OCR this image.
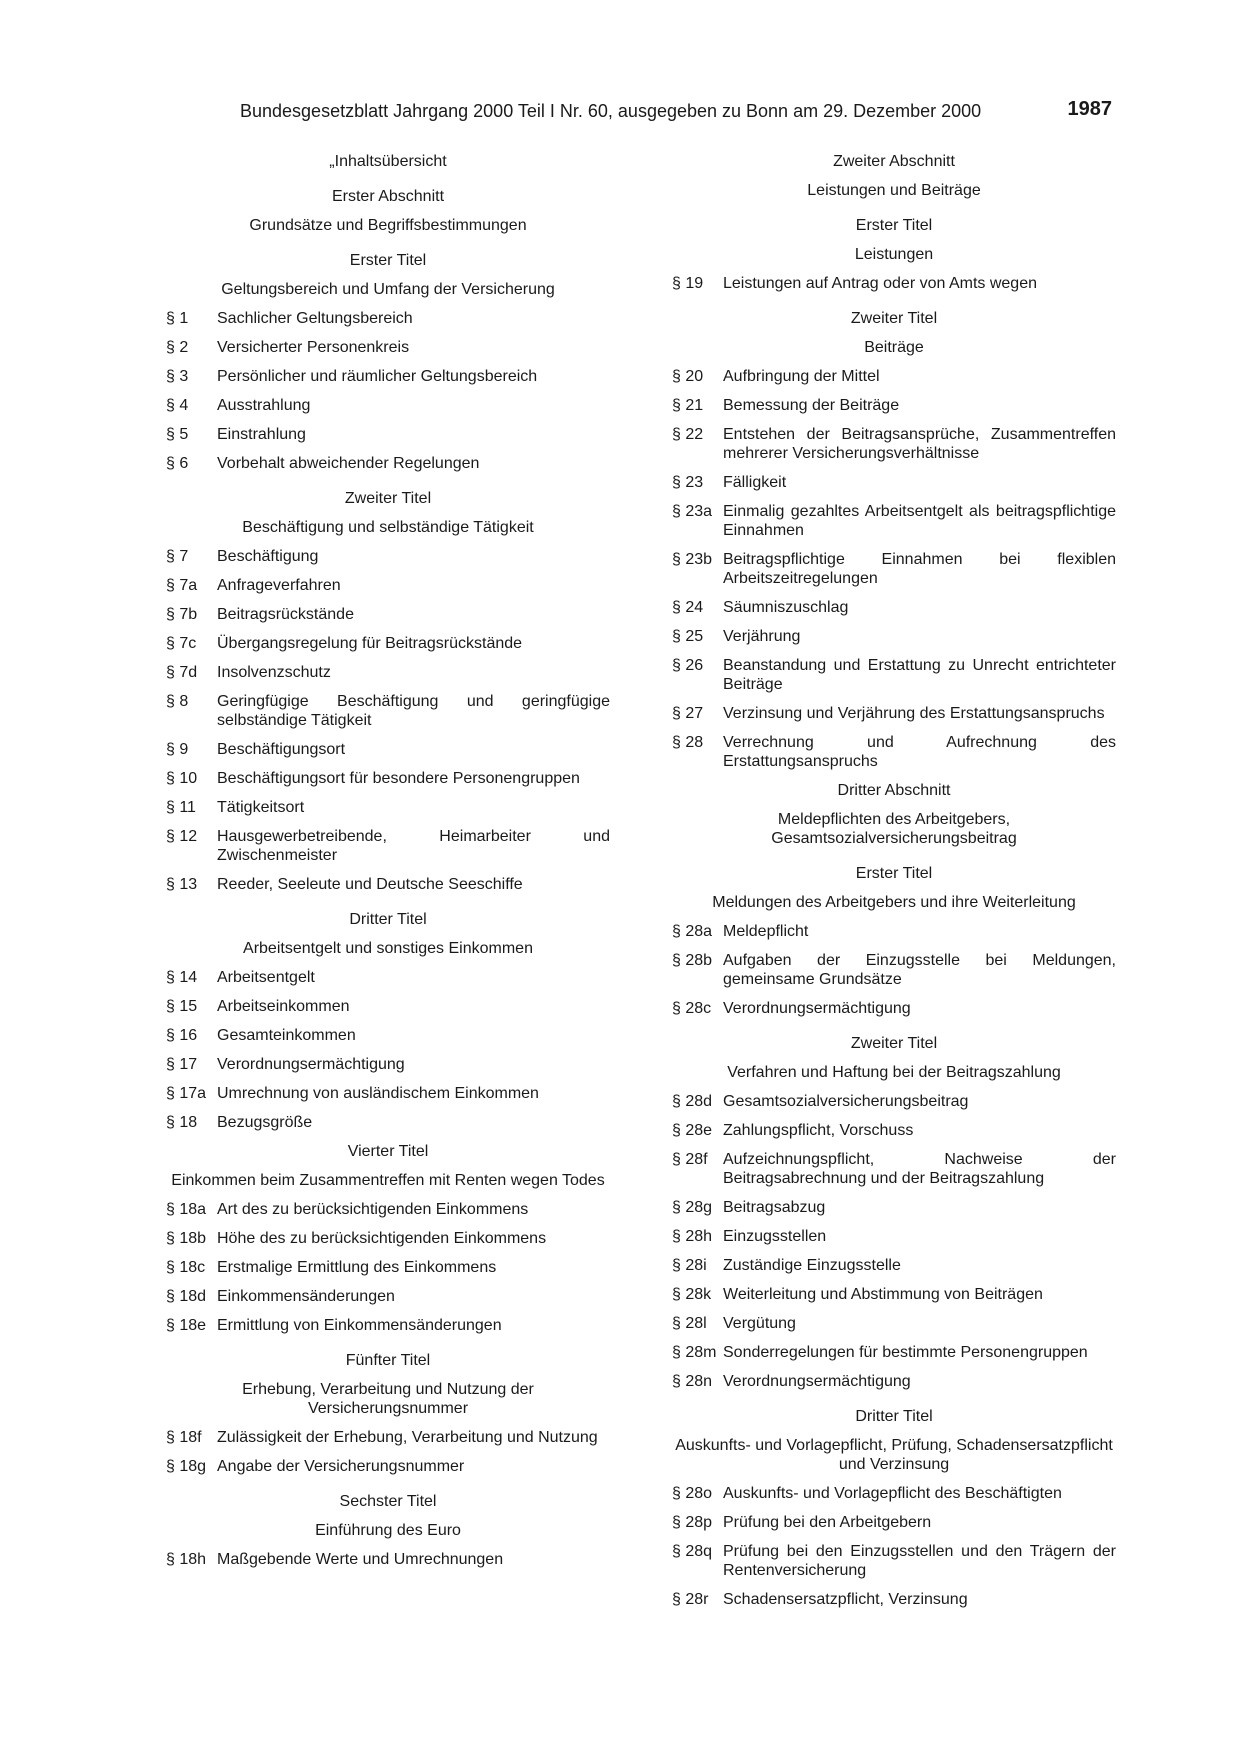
Bundesgesetzblatt Jahrgang 2000 Teil I Nr. 60, ausgegeben zu Bonn am 29. Dezember 2000	1987
„Inhaltsübersicht
Erster Abschnitt
Grundsätze und Begriffsbestimmungen
Erster Titel
Geltungsbereich und Umfang der Versicherung
§ 1	Sachlicher Geltungsbereich
§ 2	Versicherter Personenkreis
§ 3	Persönlicher und räumlicher Geltungsbereich
§ 4	Ausstrahlung
§ 5	Einstrahlung
§ 6	Vorbehalt abweichender Regelungen
Zweiter Titel
Beschäftigung und selbständige Tätigkeit
§ 7	Beschäftigung
§ 7a	Anfrageverfahren
§ 7b	Beitragsrückstände
§ 7c	Übergangsregelung für Beitragsrückstände
§ 7d	Insolvenzschutz
§ 8	Geringfügige Beschäftigung und geringfügige selbständige Tätigkeit
§ 9	Beschäftigungsort
§ 10	Beschäftigungsort für besondere Personengruppen
§ 11	Tätigkeitsort
§ 12	Hausgewerbetreibende, Heimarbeiter und Zwischenmeister
§ 13	Reeder, Seeleute und Deutsche Seeschiffe
Dritter Titel
Arbeitsentgelt und sonstiges Einkommen
§ 14	Arbeitsentgelt
§ 15	Arbeitseinkommen
§ 16	Gesamteinkommen
§ 17	Verordnungsermächtigung
§ 17a Umrechnung von ausländischem Einkommen
§ 18	Bezugsgröße
Vierter Titel
Einkommen beim Zusammentreffen mit Renten wegen Todes
§ 18a Art des zu berücksichtigenden Einkommens
§ 18b Höhe des zu berücksichtigenden Einkommens
§ 18c Erstmalige Ermittlung des Einkommens
§ 18d Einkommensänderungen
§ 18e Ermittlung von Einkommensänderungen
Fünfter Titel
Erhebung, Verarbeitung und Nutzung der Versicherungsnummer
§ 18f Zulässigkeit der Erhebung, Verarbeitung und Nutzung
§ 18g Angabe der Versicherungsnummer
Sechster Titel
Einführung des Euro
§ 18h Maßgebende Werte und Umrechnungen
Zweiter Abschnitt
Leistungen und Beiträge
Erster Titel
Leistungen
§ 19	Leistungen auf Antrag oder von Amts wegen
Zweiter Titel
Beiträge
§ 20	Aufbringung der Mittel
§ 21	Bemessung der Beiträge
§ 22	Entstehen der Beitragsansprüche, Zusammentreffen mehrerer Versicherungsverhältnisse
§ 23	Fälligkeit
§ 23a Einmalig gezahltes Arbeitsentgelt als beitragspflichtige Einnahmen
§ 23b Beitragspflichtige Einnahmen bei flexiblen Arbeitszeitregelungen
§ 24	Säumniszuschlag
§ 25	Verjährung
§ 26	Beanstandung und Erstattung zu Unrecht entrichteter Beiträge
§ 27	Verzinsung und Verjährung des Erstattungsanspruchs
§ 28	Verrechnung und Aufrechnung des Erstattungsanspruchs
Dritter Abschnitt
Meldepflichten des Arbeitgebers, Gesamtsozialversicherungsbeitrag
Erster Titel
Meldungen des Arbeitgebers und ihre Weiterleitung
§ 28a Meldepflicht
§ 28b Aufgaben der Einzugsstelle bei Meldungen, gemeinsame Grundsätze
§ 28c Verordnungsermächtigung
Zweiter Titel
Verfahren und Haftung bei der Beitragszahlung
§ 28d Gesamtsozialversicherungsbeitrag
§ 28e Zahlungspflicht, Vorschuss
§ 28f Aufzeichnungspflicht, Nachweise der Beitragsabrechnung und der Beitragszahlung
§ 28g Beitragsabzug
§ 28h Einzugsstellen
§ 28i	Zuständige Einzugsstelle
§ 28k Weiterleitung und Abstimmung von Beiträgen
§ 28l	Vergütung
§ 28m Sonderregelungen für bestimmte Personengruppen
§ 28n Verordnungsermächtigung
Dritter Titel
Auskunfts- und Vorlagepflicht, Prüfung, Schadensersatzpflicht und Verzinsung
§ 28o Auskunfts- und Vorlagepflicht des Beschäftigten
§ 28p Prüfung bei den Arbeitgebern
§ 28q Prüfung bei den Einzugsstellen und den Trägern der Rentenversicherung
§ 28r Schadensersatzpflicht, Verzinsung
